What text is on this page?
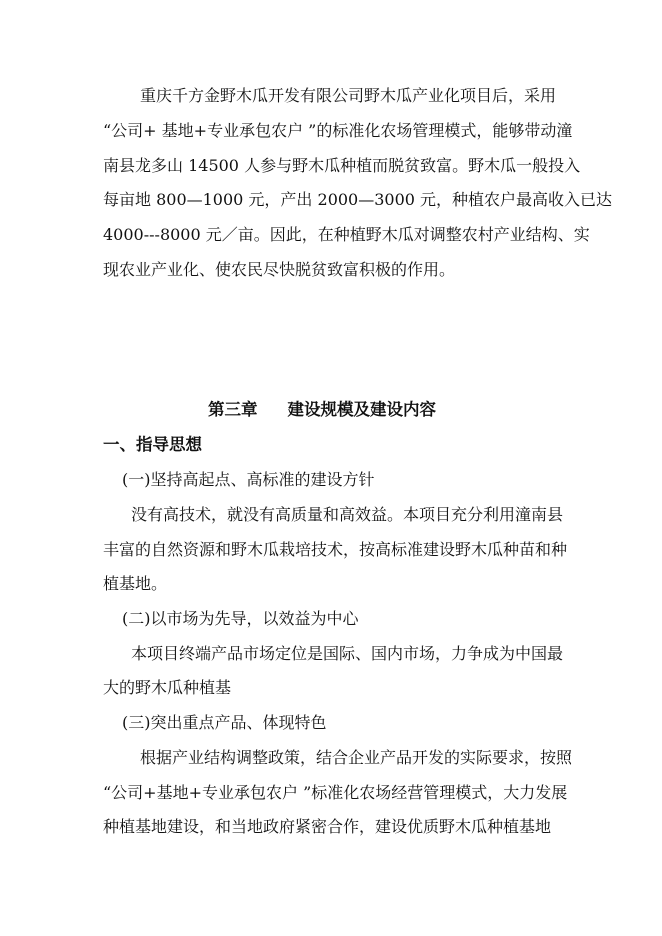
重庆千方金野木瓜开发有限公司野木瓜产业化项目后，采用
“公司+ 基地+专业承包农户 ”的标准化农场管理模式，能够带动潼
南县龙多山 14500 人参与野木瓜种植而脱贫致富。野木瓜一般投入
每亩地 800—1000 元，产出 2000—3000 元，种植农户最高收入已达
4000---8000 元／亩。因此，在种植野木瓜对调整农村产业结构、实
现农业产业化、使农民尽快脱贫致富积极的作用。
第三章 建设规模及建设内容
一、指导思想
(一)坚持高起点、高标准的建设方针
没有高技术，就没有高质量和高效益。本项目充分利用潼南县
丰富的自然资源和野木瓜栽培技术，按高标准建设野木瓜种苗和种
植基地。
(二)以市场为先导，以效益为中心
本项目终端产品市场定位是国际、国内市场，力争成为中国最
大的野木瓜种植基
(三)突出重点产品、体现特色
根据产业结构调整政策，结合企业产品开发的实际要求，按照
“公司+基地+专业承包农户 ”标准化农场经营管理模式，大力发展
种植基地建设，和当地政府紧密合作，建设优质野木瓜种植基地
